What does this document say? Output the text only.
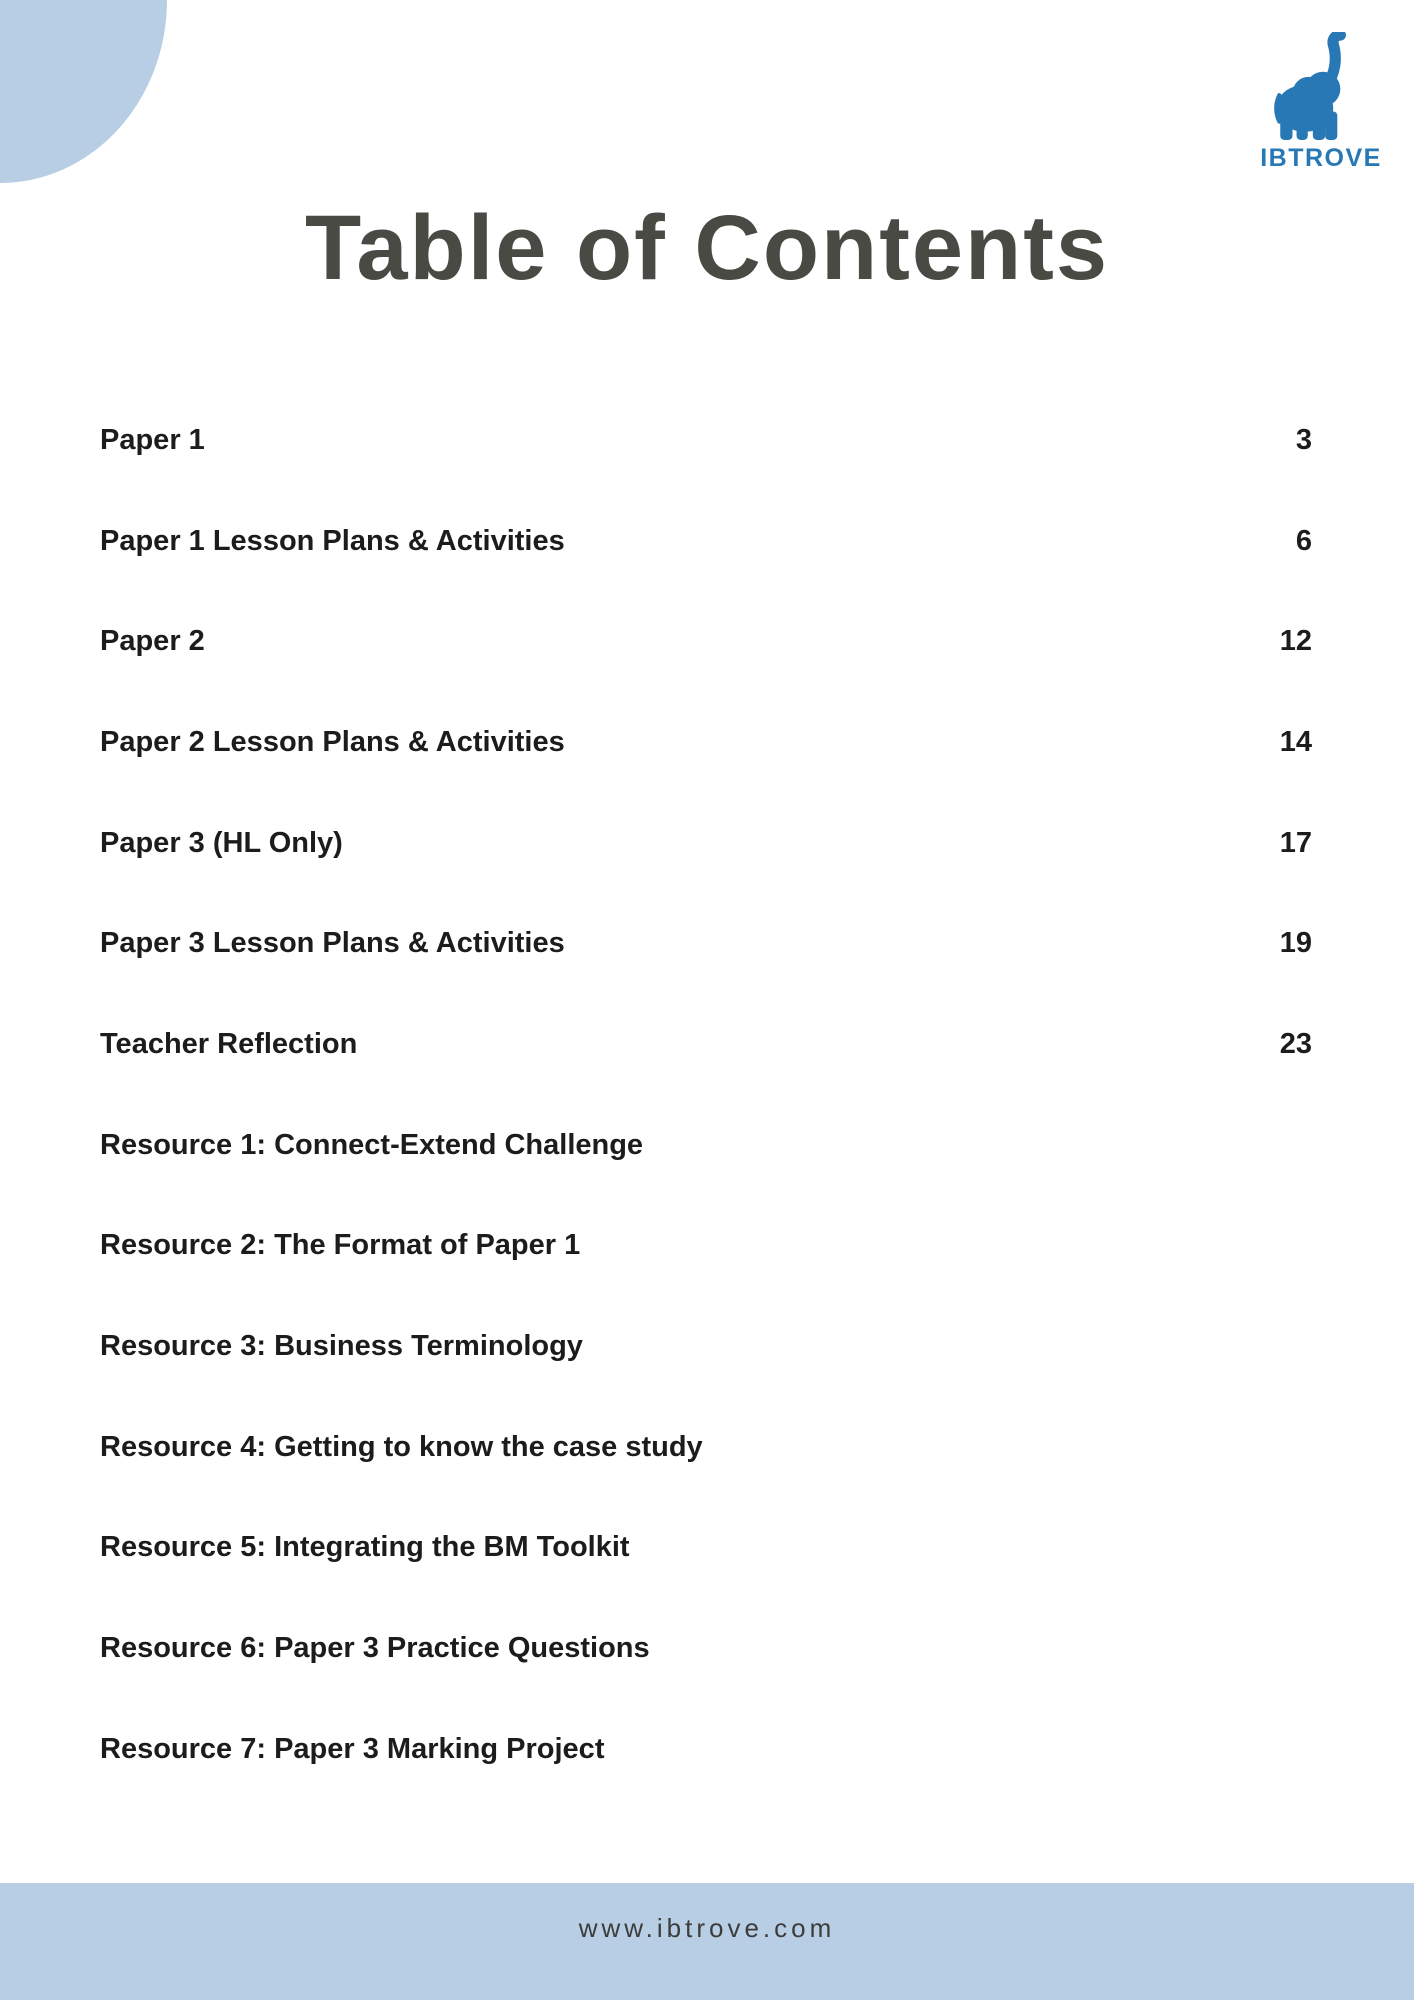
IBTROVE
Table of Contents
Paper 1	3
Paper 1 Lesson Plans & Activities	6
Paper 2	12
Paper 2 Lesson Plans & Activities	14
Paper 3 (HL Only)	17
Paper 3 Lesson Plans & Activities	19
Teacher Reflection	23
Resource 1: Connect-Extend Challenge
Resource 2: The Format of Paper 1
Resource 3: Business Terminology
Resource 4: Getting to know the case study
Resource 5: Integrating the BM Toolkit
Resource 6: Paper 3 Practice Questions
Resource 7: Paper 3 Marking Project
www.ibtrove.com
